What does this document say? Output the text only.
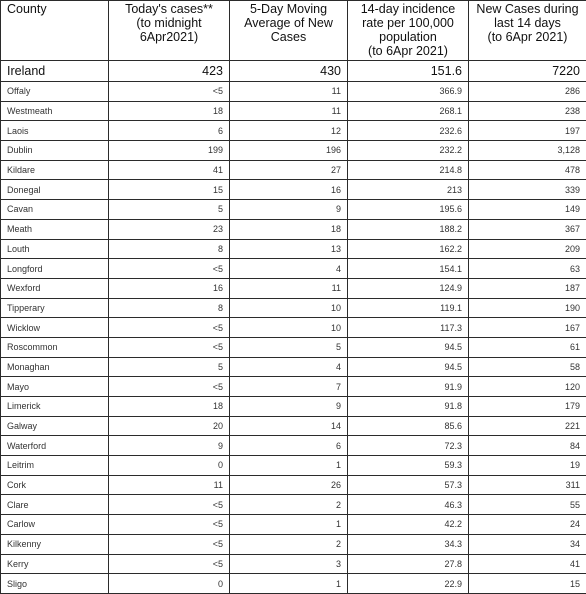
County	Today's cases**
(to midnight
6Apr2021)	5-Day Moving
Average of New
Cases	14-day incidence
rate per 100,000
population
(to 6Apr 2021)	New Cases during
last 14 days
(to 6Apr 2021)
Ireland	423	430	151.6	7220
Offaly	<5	11	366.9	286
Westmeath	18	11	268.1	238
Laois	6	12	232.6	197
Dublin	199	196	232.2	3,128
Kildare	41	27	214.8	478
Donegal	15	16	213	339
Cavan	5	9	195.6	149
Meath	23	18	188.2	367
Louth	8	13	162.2	209
Longford	<5	4	154.1	63
Wexford	16	11	124.9	187
Tipperary	8	10	119.1	190
Wicklow	<5	10	117.3	167
Roscommon	<5	5	94.5	61
Monaghan	5	4	94.5	58
Mayo	<5	7	91.9	120
Limerick	18	9	91.8	179
Galway	20	14	85.6	221
Waterford	9	6	72.3	84
Leitrim	0	1	59.3	19
Cork	11	26	57.3	311
Clare	<5	2	46.3	55
Carlow	<5	1	42.2	24
Kilkenny	<5	2	34.3	34
Kerry	<5	3	27.8	41
Sligo	0	1	22.9	15
